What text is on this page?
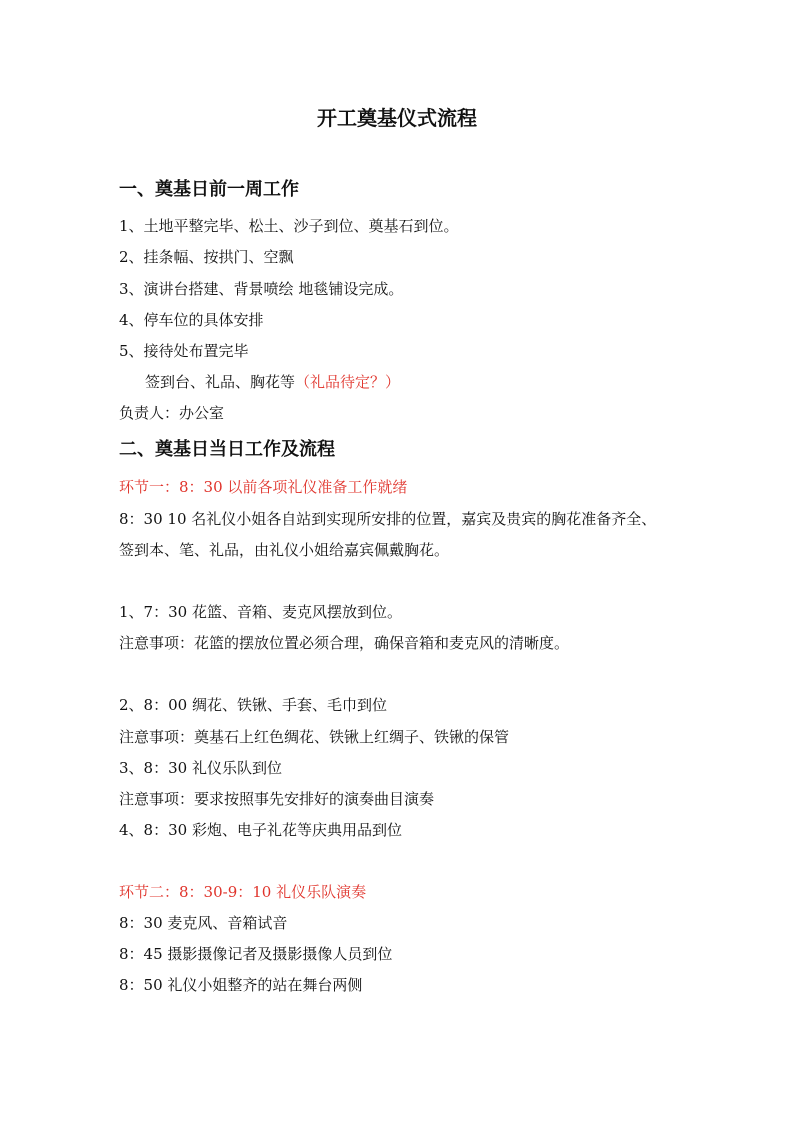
开工奠基仪式流程

一、奠基日前一周工作

1、土地平整完毕、松土、沙子到位、奠基石到位。

2、挂条幅、按拱门、空飘

3、演讲台搭建、背景喷绘 地毯铺设完成。

4、停车位的具体安排

5、接待处布置完毕

签到台、礼品、胸花等（礼品待定？）

负责人：办公室

二、奠基日当日工作及流程

环节一：8：30 以前各项礼仪准备工作就绪

8：30 10 名礼仪小姐各自站到实现所安排的位置，嘉宾及贵宾的胸花准备齐全、

签到本、笔、礼品，由礼仪小姐给嘉宾佩戴胸花。

1、7：30 花篮、音箱、麦克风摆放到位。

注意事项：花篮的摆放位置必须合理，确保音箱和麦克风的清晰度。

2、8：00 绸花、铁锹、手套、毛巾到位

注意事项：奠基石上红色绸花、铁锹上红绸子、铁锹的保管

3、8：30 礼仪乐队到位

注意事项：要求按照事先安排好的演奏曲目演奏

4、8：30 彩炮、电子礼花等庆典用品到位

环节二：8：30-9：10 礼仪乐队演奏

8：30 麦克风、音箱试音

8：45 摄影摄像记者及摄影摄像人员到位

8：50 礼仪小姐整齐的站在舞台两侧
